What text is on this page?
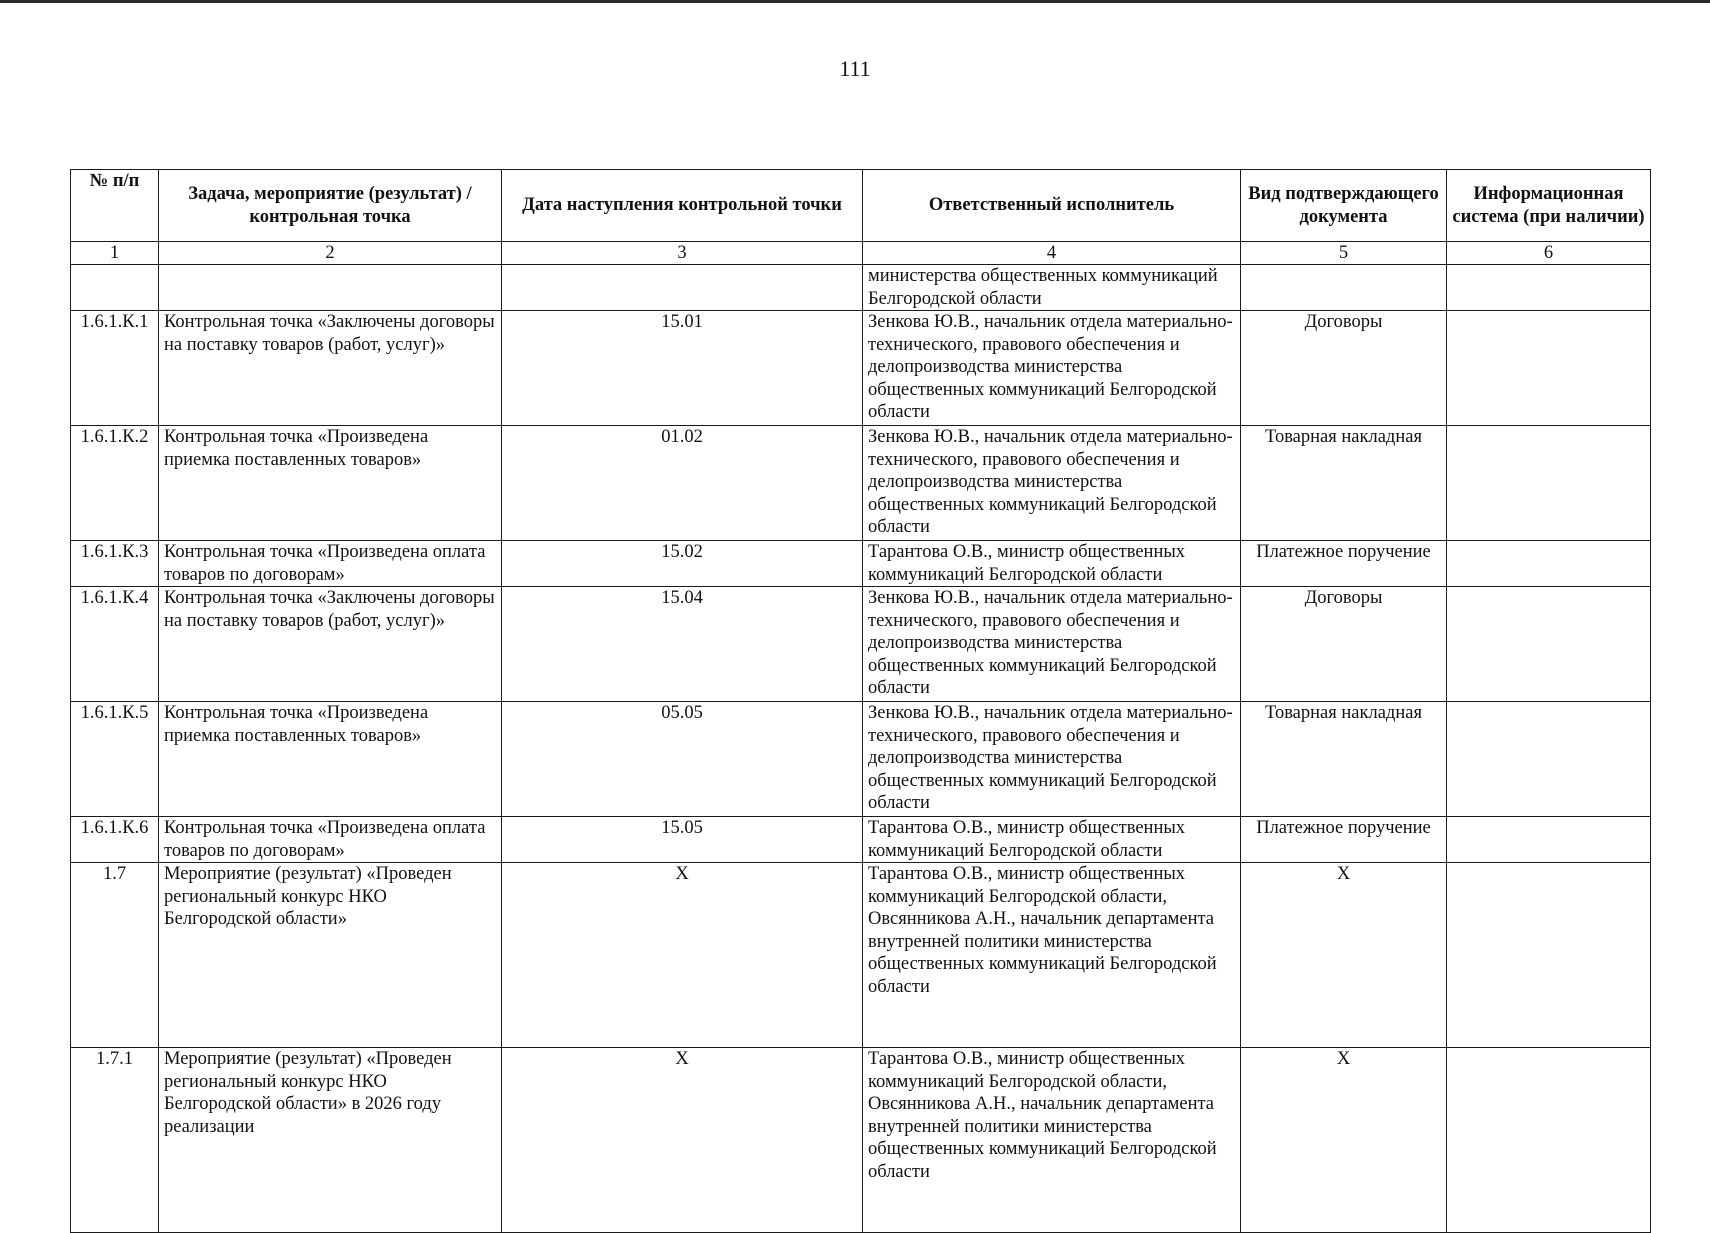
111
№ п/п	Задача, мероприятие (результат) / контрольная точка	Дата наступления контрольной точки	Ответственный исполнитель	Вид подтверждающего документа	Информационная система (при наличии)
1	2	3	4	5	6
			министерства общественных коммуникаций Белгородской области		
1.6.1.К.1	Контрольная точка «Заключены договоры на поставку товаров (работ, услуг)»	15.01	Зенкова Ю.В., начальник отдела материально-технического, правового обеспечения и делопроизводства министерства общественных коммуникаций Белгородской области	Договоры	
1.6.1.К.2	Контрольная точка «Произведена приемка поставленных товаров»	01.02	Зенкова Ю.В., начальник отдела материально-технического, правового обеспечения и делопроизводства министерства общественных коммуникаций Белгородской области	Товарная накладная	
1.6.1.К.3	Контрольная точка «Произведена оплата товаров по договорам»	15.02	Тарантова О.В., министр общественных коммуникаций Белгородской области	Платежное поручение	
1.6.1.К.4	Контрольная точка «Заключены договоры на поставку товаров (работ, услуг)»	15.04	Зенкова Ю.В., начальник отдела материально-технического, правового обеспечения и делопроизводства министерства общественных коммуникаций Белгородской области	Договоры	
1.6.1.К.5	Контрольная точка «Произведена приемка поставленных товаров»	05.05	Зенкова Ю.В., начальник отдела материально-технического, правового обеспечения и делопроизводства министерства общественных коммуникаций Белгородской области	Товарная накладная	
1.6.1.К.6	Контрольная точка «Произведена оплата товаров по договорам»	15.05	Тарантова О.В., министр общественных коммуникаций Белгородской области	Платежное поручение	
1.7	Мероприятие (результат) «Проведен региональный конкурс НКО Белгородской области»	X	Тарантова О.В., министр общественных коммуникаций Белгородской области, Овсянникова А.Н., начальник департамента внутренней политики министерства общественных коммуникаций Белгородской области	X	
1.7.1	Мероприятие (результат) «Проведен региональный конкурс НКО Белгородской области» в 2026 году реализации	X	Тарантова О.В., министр общественных коммуникаций Белгородской области, Овсянникова А.Н., начальник департамента внутренней политики министерства общественных коммуникаций Белгородской области	X	
